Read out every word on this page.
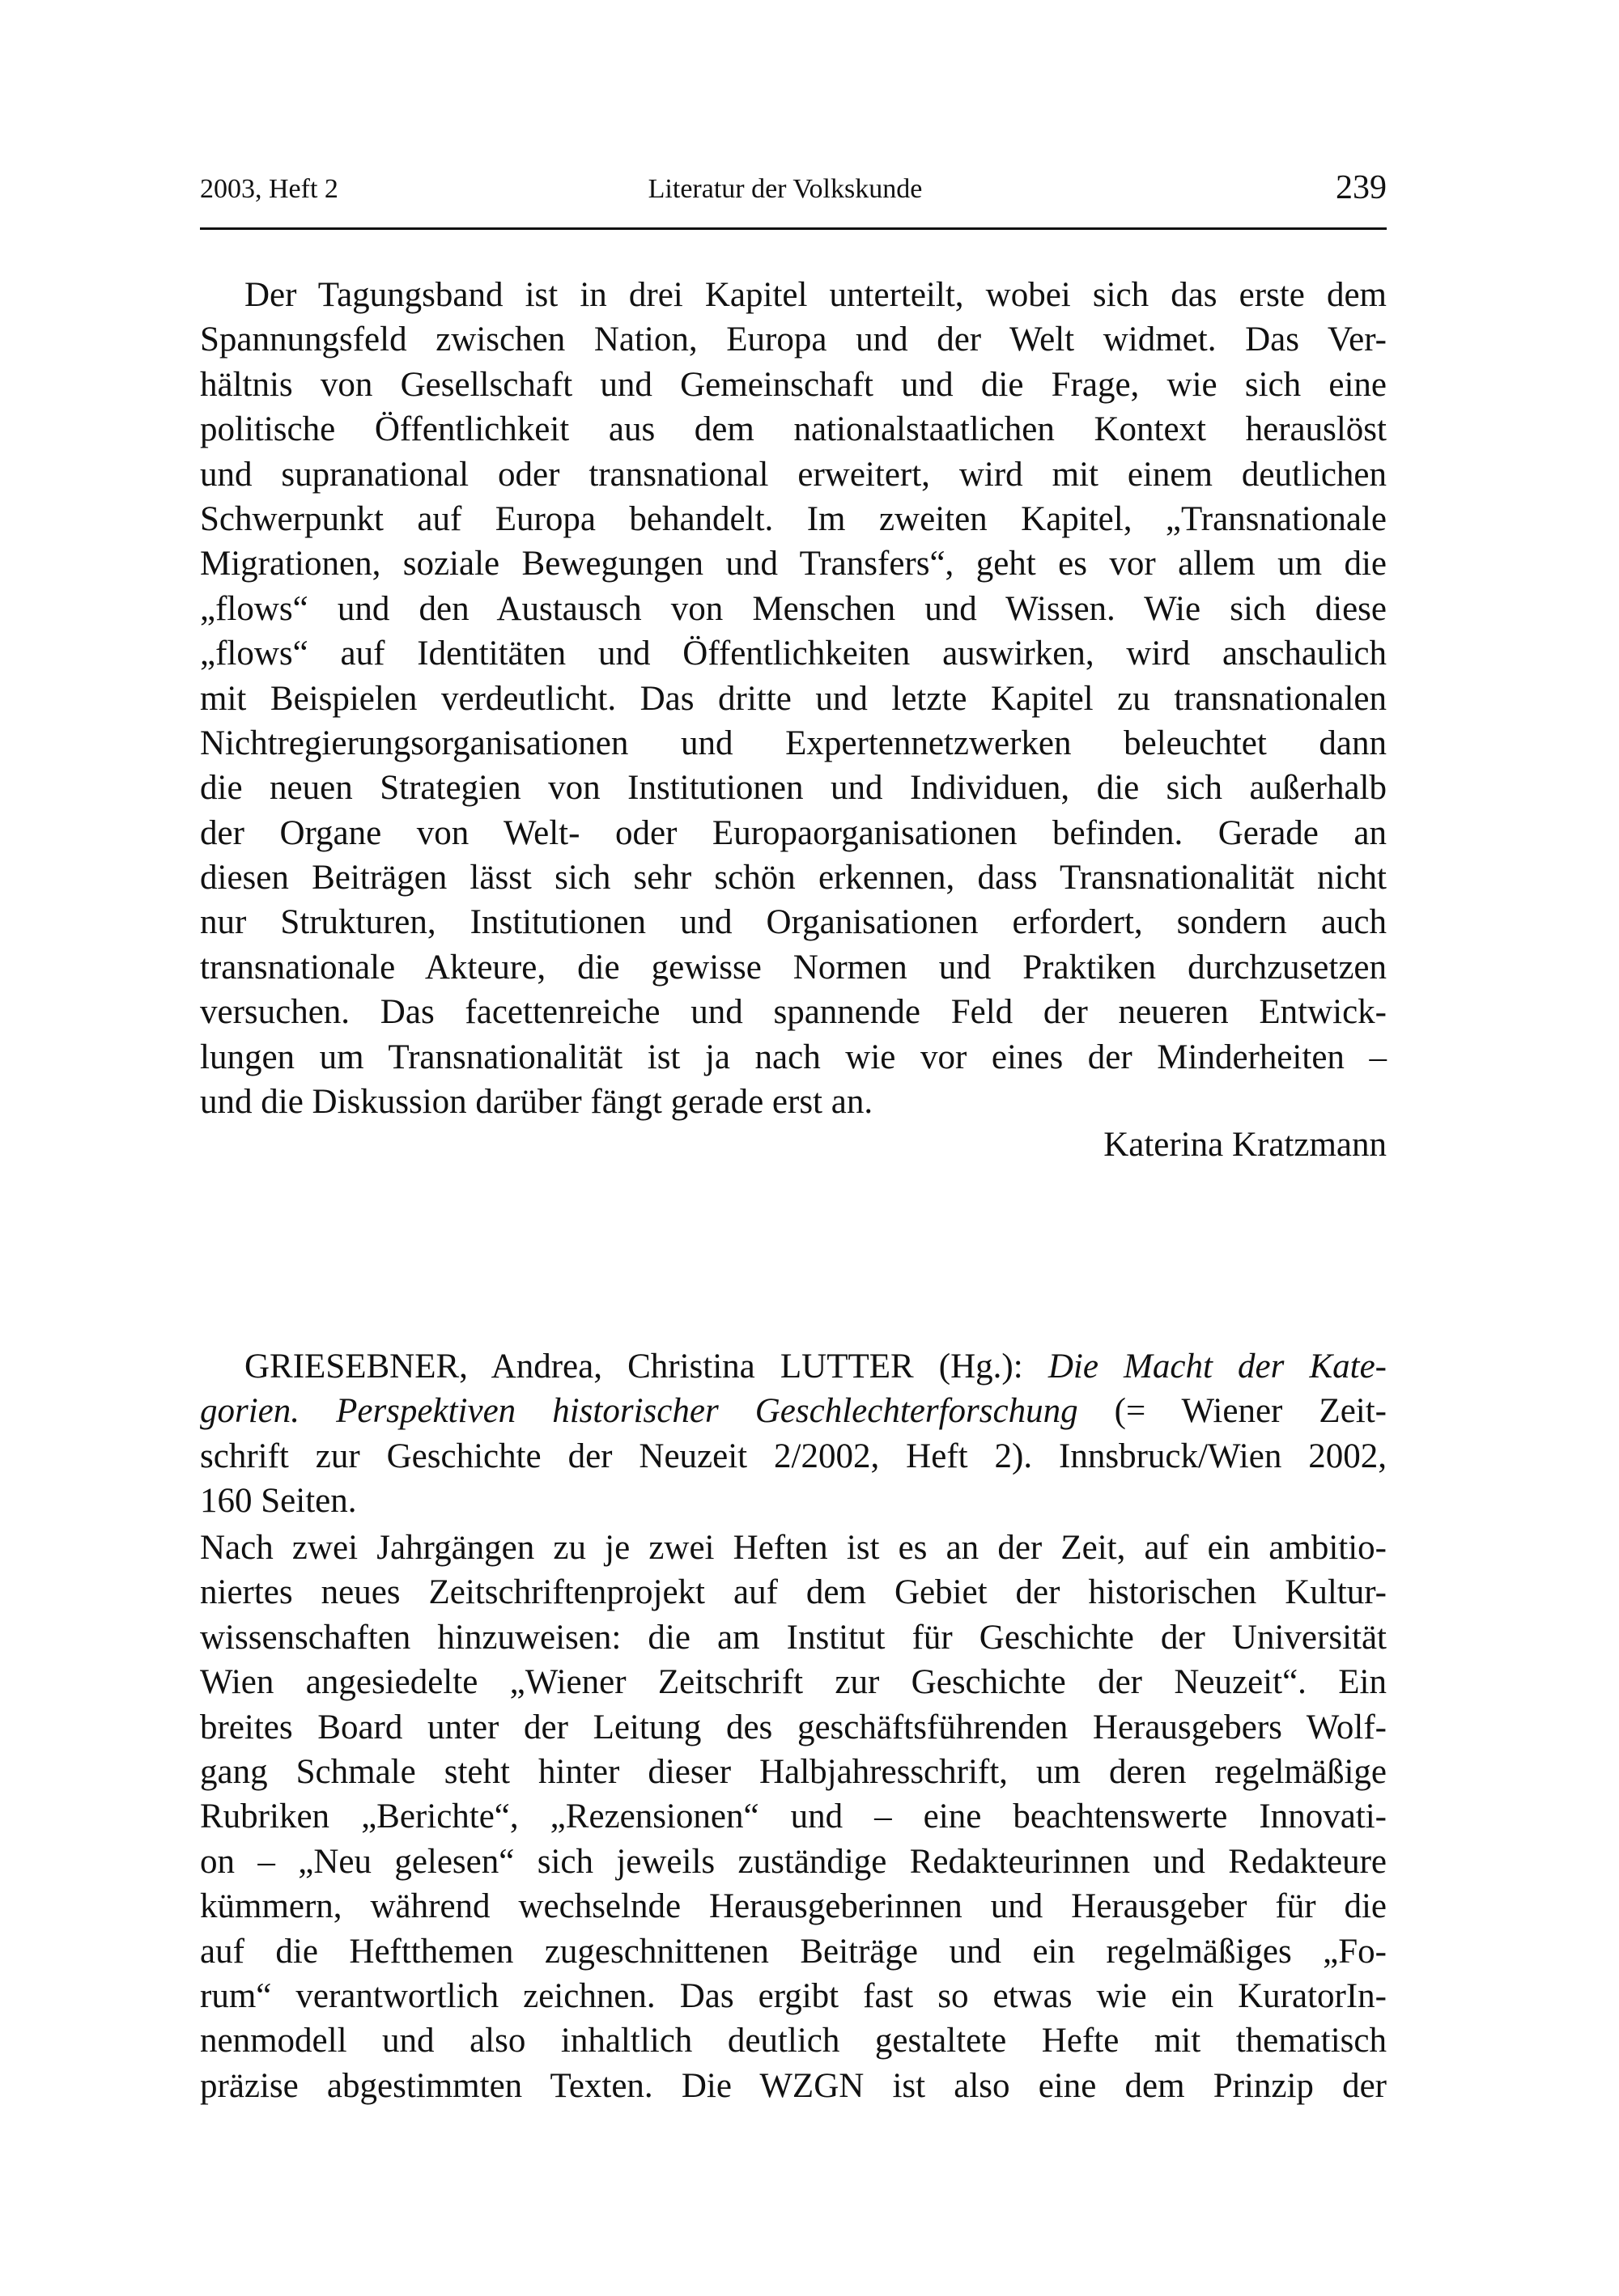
2003, Heft 2	Literatur der Volkskunde	239
Der Tagungsband ist in drei Kapitel unterteilt, wobei sich das erste dem
Spannungsfeld zwischen Nation, Europa und der Welt widmet. Das Ver-
hältnis von Gesellschaft und Gemeinschaft und die Frage, wie sich eine
politische Öffentlichkeit aus dem nationalstaatlichen Kontext herauslöst
und supranational oder transnational erweitert, wird mit einem deutlichen
Schwerpunkt auf Europa behandelt. Im zweiten Kapitel, „Transnationale
Migrationen, soziale Bewegungen und Transfers“, geht es vor allem um die
„flows“ und den Austausch von Menschen und Wissen. Wie sich diese
„flows“ auf Identitäten und Öffentlichkeiten auswirken, wird anschaulich
mit Beispielen verdeutlicht. Das dritte und letzte Kapitel zu transnationalen
Nichtregierungsorganisationen und Expertennetzwerken beleuchtet dann
die neuen Strategien von Institutionen und Individuen, die sich außerhalb
der Organe von Welt- oder Europaorganisationen befinden. Gerade an
diesen Beiträgen lässt sich sehr schön erkennen, dass Transnationalität nicht
nur Strukturen, Institutionen und Organisationen erfordert, sondern auch
transnationale Akteure, die gewisse Normen und Praktiken durchzusetzen
versuchen. Das facettenreiche und spannende Feld der neueren Entwick-
lungen um Transnationalität ist ja nach wie vor eines der Minderheiten –
und die Diskussion darüber fängt gerade erst an.
Katerina Kratzmann
GRIESEBNER, Andrea, Christina LUTTER (Hg.): Die Macht der Kate-
gorien. Perspektiven historischer Geschlechterforschung (= Wiener Zeit-
schrift zur Geschichte der Neuzeit 2/2002, Heft 2). Innsbruck/Wien 2002,
160 Seiten.
Nach zwei Jahrgängen zu je zwei Heften ist es an der Zeit, auf ein ambitio-
niertes neues Zeitschriftenprojekt auf dem Gebiet der historischen Kultur-
wissenschaften hinzuweisen: die am Institut für Geschichte der Universität
Wien angesiedelte „Wiener Zeitschrift zur Geschichte der Neuzeit“. Ein
breites Board unter der Leitung des geschäftsführenden Herausgebers Wolf-
gang Schmale steht hinter dieser Halbjahresschrift, um deren regelmäßige
Rubriken „Berichte“, „Rezensionen“ und – eine beachtenswerte Innovati-
on – „Neu gelesen“ sich jeweils zuständige Redakteurinnen und Redakteure
kümmern, während wechselnde Herausgeberinnen und Herausgeber für die
auf die Heftthemen zugeschnittenen Beiträge und ein regelmäßiges „Fo-
rum“ verantwortlich zeichnen. Das ergibt fast so etwas wie ein KuratorIn-
nenmodell und also inhaltlich deutlich gestaltete Hefte mit thematisch
präzise abgestimmten Texten. Die WZGN ist also eine dem Prinzip der
